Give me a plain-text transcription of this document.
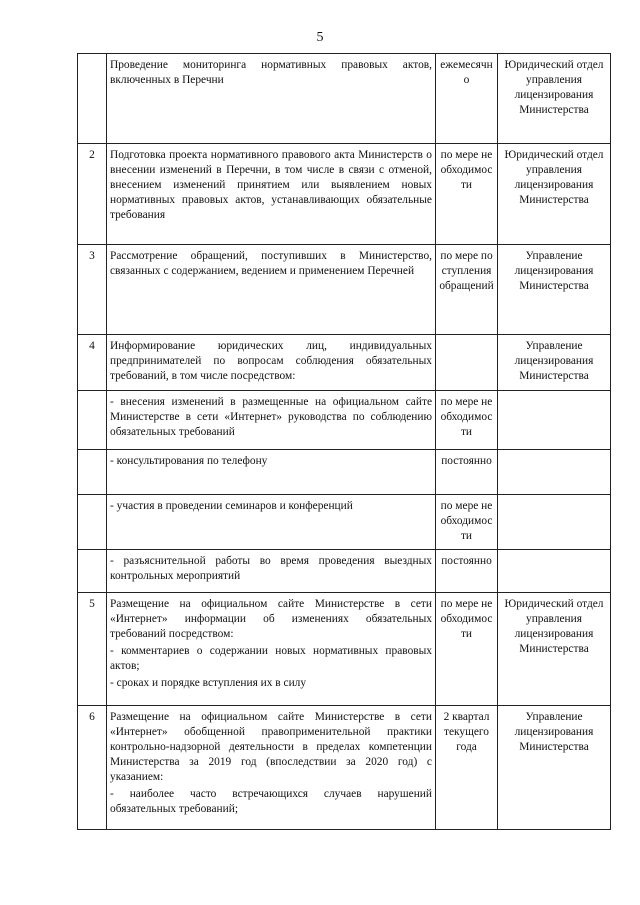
5
	Проведение мониторинга нормативных правовых актов, включенных в Перечни	ежемесячно	Юридический отдел управления лицензирования Министерства
2	Подготовка проекта нормативного правового акта Министерств о внесении изменений в Перечни, в том числе в связи с отменой, внесением изменений принятием или выявлением новых нормативных правовых актов, устанавливающих обязательные требования	по мере необходимости	Юридический отдел управления лицензирования Министерства
3	Рассмотрение обращений, поступивших в Министерство, связанных с содержанием, ведением и применением Перечней	по мере поступления обращений	Управление лицензирования Министерства
4	Информирование юридических лиц, индивидуальных предпринимателей по вопросам соблюдения обязательных требований, в том числе посредством:		Управление лицензирования Министерства
	- внесения изменений в размещенные на официальном сайте Министерстве в сети «Интернет» руководства по соблюдению обязательных требований	по мере необходимости	
	- консультирования по телефону	постоянно	
	- участия в проведении семинаров и конференций	по мере необходимости	
	- разъяснительной работы во время проведения выездных контрольных мероприятий	постоянно	
5	Размещение на официальном сайте Министерстве в сети «Интернет» информации об изменениях обязательных требований посредством:
- комментариев о содержании новых нормативных правовых актов;
- сроках и порядке вступления их в силу	по мере необходимости	Юридический отдел управления лицензирования Министерства
6	Размещение на официальном сайте Министерстве в сети «Интернет» обобщенной правоприменительной практики контрольно-надзорной деятельности в пределах компетенции Министерства за 2019 год (впоследствии за 2020 год) с указанием:
- наиболее часто встречающихся случаев нарушений обязательных требований;	2 квартал текущего года	Управление лицензирования Министерства
